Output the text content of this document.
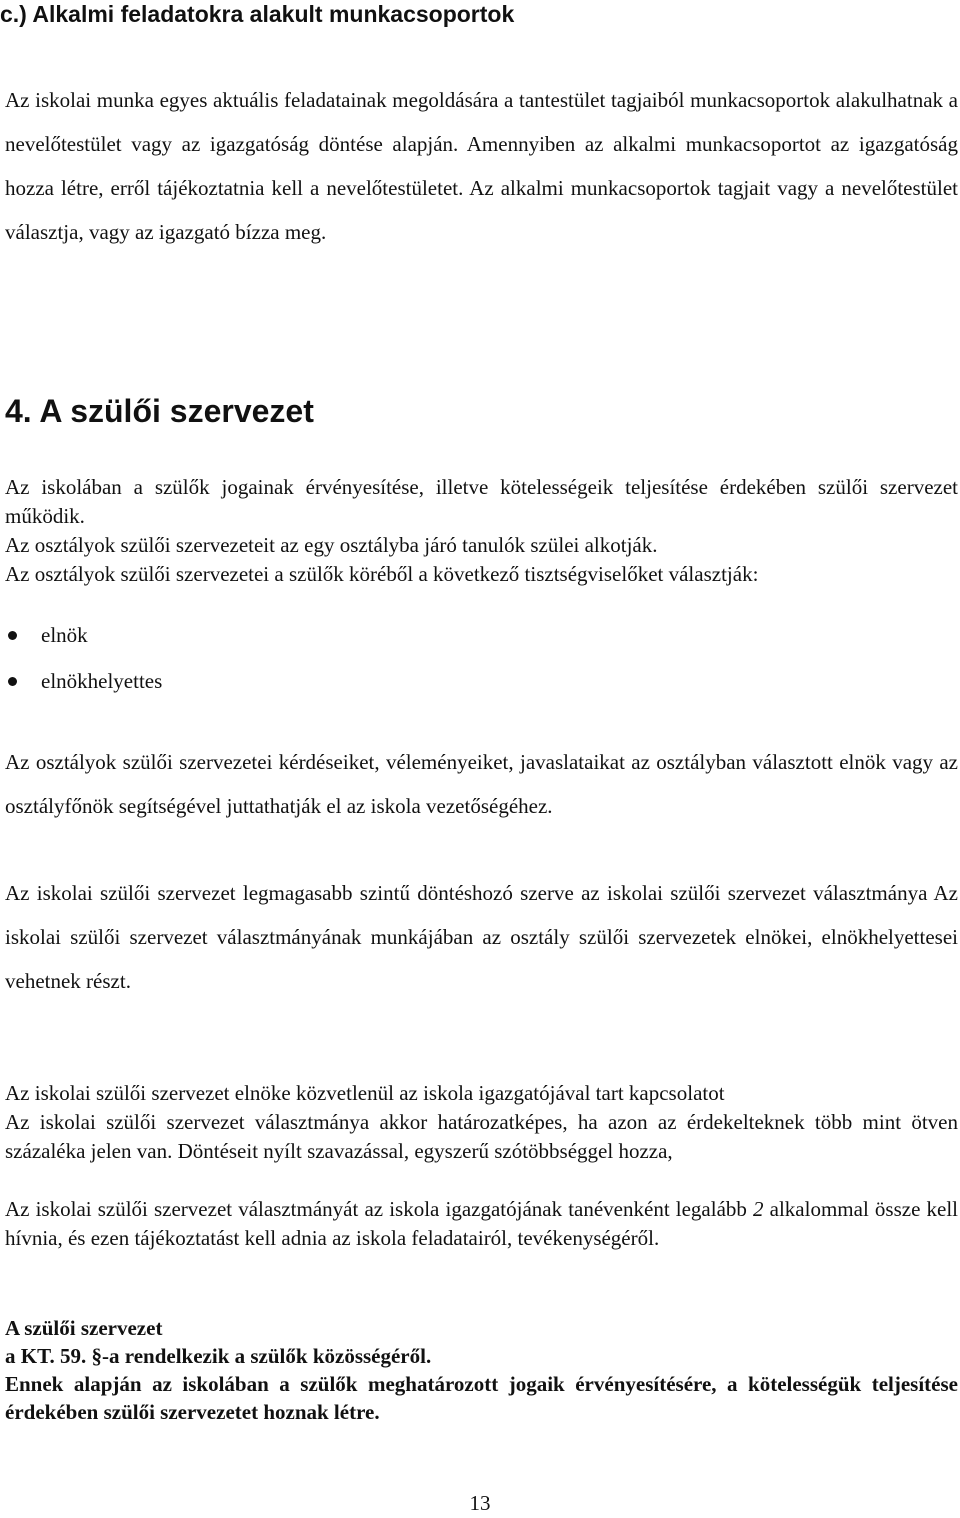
c.) Alkalmi feladatokra alakult munkacsoportok

Az iskolai munka egyes aktuális feladatainak megoldására a tantestület tagjaiból munkacsoportok alakulhatnak a nevelőtestület vagy az igazgatóság döntése alapján. Amennyiben az alkalmi munkacsoportot az igazgatóság hozza létre, erről tájékoztatnia kell a nevelőtestületet. Az alkalmi munkacsoportok tagjait vagy a nevelőtestület választja, vagy az igazgató bízza meg.

4. A szülői szervezet

Az iskolában a szülők jogainak érvényesítése, illetve kötelességeik teljesítése érdekében szülői szervezet működik.

Az osztályok szülői szervezeteit az egy osztályba járó tanulók szülei alkotják.

Az osztályok szülői szervezetei a szülők köréből a következő tisztségviselőket választják:

elnök
elnökhelyettes

Az osztályok szülői szervezetei kérdéseiket, véleményeiket, javaslataikat az osztályban választott elnök vagy az osztályfőnök segítségével juttathatják el az iskola vezetőségéhez.

Az iskolai szülői szervezet legmagasabb szintű döntéshozó szerve az iskolai szülői szervezet választmánya Az iskolai szülői szervezet választmányának munkájában az osztály szülői szervezetek elnökei, elnökhelyettesei vehetnek részt.

Az iskolai szülői szervezet elnöke közvetlenül az iskola igazgatójával tart kapcsolatot

Az iskolai szülői szervezet választmánya akkor határozatképes, ha azon az érdekelteknek több mint ötven százaléka jelen van. Döntéseit nyílt szavazással, egyszerű szótöbbséggel hozza,

Az iskolai szülői szervezet választmányát az iskola igazgatójának tanévenként legalább 2 alkalommal össze kell hívnia, és ezen tájékoztatást kell adnia az iskola feladatairól, tevékenységéről.

A szülői szervezet

a KT. 59. §-a rendelkezik a szülők közösségéről.

Ennek alapján az iskolában a szülők meghatározott jogaik érvényesítésére, a kötelességük teljesítése érdekében szülői szervezetet hoznak létre.

13
